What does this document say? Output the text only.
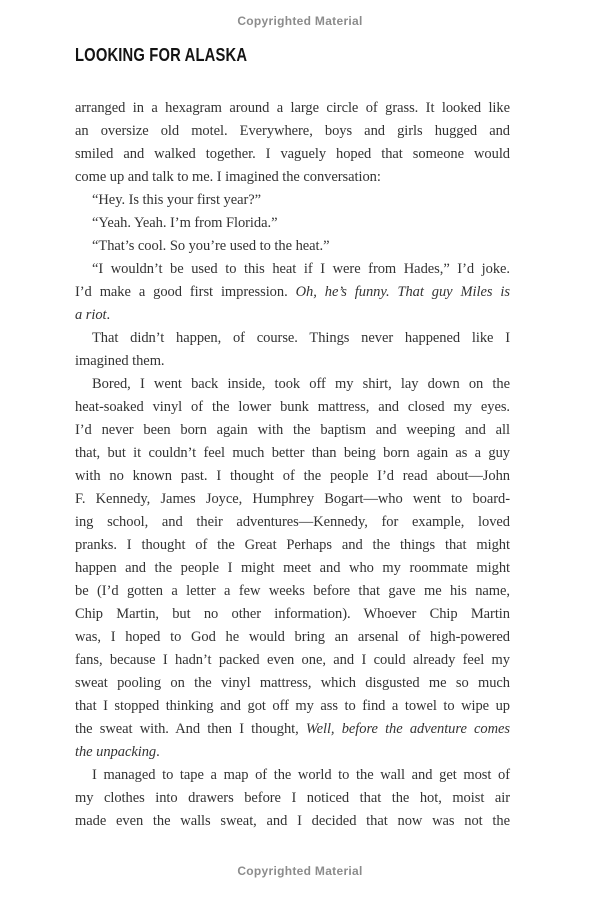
Copyrighted Material
LOOKING FOR ALASKA
arranged in a hexagram around a large circle of grass. It looked like
an oversize old motel. Everywhere, boys and girls hugged and
smiled and walked together. I vaguely hoped that someone would
come up and talk to me. I imagined the conversation:
“Hey. Is this your first year?”
“Yeah. Yeah. I’m from Florida.”
“That’s cool. So you’re used to the heat.”
“I wouldn’t be used to this heat if I were from Hades,” I’d joke.
I’d make a good first impression. Oh, he’s funny. That guy Miles is
a riot.
That didn’t happen, of course. Things never happened like I
imagined them.
Bored, I went back inside, took off my shirt, lay down on the
heat-soaked vinyl of the lower bunk mattress, and closed my eyes.
I’d never been born again with the baptism and weeping and all
that, but it couldn’t feel much better than being born again as a guy
with no known past. I thought of the people I’d read about—John
F. Kennedy, James Joyce, Humphrey Bogart—who went to board-
ing school, and their adventures—Kennedy, for example, loved
pranks. I thought of the Great Perhaps and the things that might
happen and the people I might meet and who my roommate might
be (I’d gotten a letter a few weeks before that gave me his name,
Chip Martin, but no other information). Whoever Chip Martin
was, I hoped to God he would bring an arsenal of high-powered
fans, because I hadn’t packed even one, and I could already feel my
sweat pooling on the vinyl mattress, which disgusted me so much
that I stopped thinking and got off my ass to find a towel to wipe up
the sweat with. And then I thought, Well, before the adventure comes
the unpacking.
I managed to tape a map of the world to the wall and get most of
my clothes into drawers before I noticed that the hot, moist air
made even the walls sweat, and I decided that now was not the
Copyrighted Material
